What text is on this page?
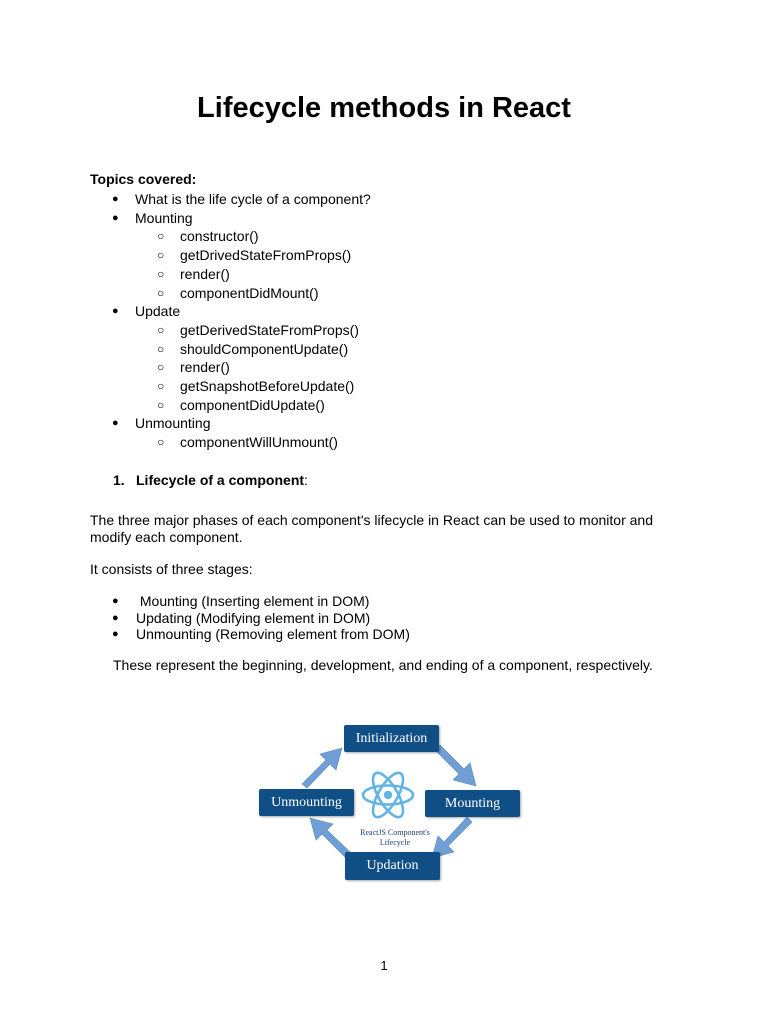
Lifecycle methods in React
Topics covered:
● What is the life cycle of a component?
● Mounting
○ constructor()
○ getDrivedStateFromProps()
○ render()
○ componentDidMount()
● Update
○ getDerivedStateFromProps()
○ shouldComponentUpdate()
○ render()
○ getSnapshotBeforeUpdate()
○ componentDidUpdate()
● Unmounting
○ componentWillUnmount()
1. Lifecycle of a component:

The three major phases of each component's lifecycle in React can be used to monitor and modify each component.

It consists of three stages:

●  Mounting (Inserting element in DOM)
● Updating (Modifying element in DOM)
● Unmounting (Removing element from DOM)

These represent the beginning, development, and ending of a component, respectively.

Initialization
Mounting
Updation
Unmounting
ReactJS Component's
Lifecycle
1
